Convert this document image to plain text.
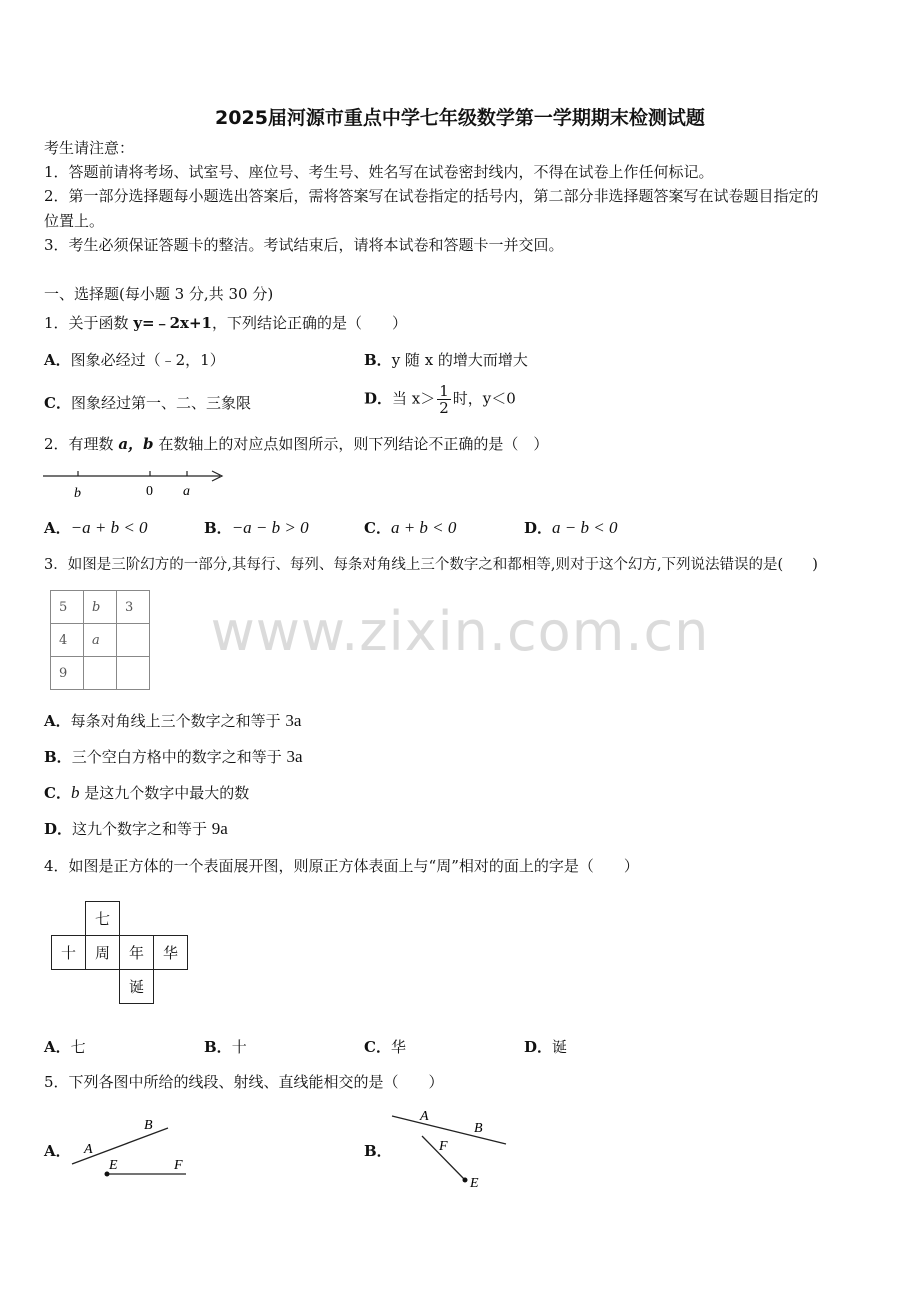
2025届河源市重点中学七年级数学第一学期期末检测试题
www.zixin.com.cn
考生请注意：
1．答题前请将考场、试室号、座位号、考生号、姓名写在试卷密封线内，不得在试卷上作任何标记。
2．第一部分选择题每小题选出答案后，需将答案写在试卷指定的括号内，第二部分非选择题答案写在试卷题目指定的
位置上。
3．考生必须保证答题卡的整洁。考试结束后，请将本试卷和答题卡一并交回。
一、选择题(每小题 3 分,共 30 分)
1．关于函数 y=﹣2x+1，下列结论正确的是（　　）
A．图象必经过（﹣2，1）	B．y 随 x 的增大而增大
C．图象经过第一、二、三象限	D．当 $x> \frac{1}{2}$ 时，y＜0
2．有理数 a，b 在数轴上的对应点如图所示，则下列结论不正确的是（　）
b	0 a
A．−a + b < 0	B．−a − b > 0	C．a + b < 0	D．a − b < 0
3．如图是三阶幻方的一部分,其每行、每列、每条对角线上三个数字之和都相等,则对于这个幻方,下列说法错误的是(　　)
5	b	3
4	a	
9		
A．每条对角线上三个数字之和等于 3a
B．三个空白方格中的数字之和等于 3a
C．b 是这九个数字中最大的数
D．这九个数字之和等于 9a
4．如图是正方体的一个表面展开图，则原正方体表面上与“周”相对的面上的字是（　　）
	七		
十	周	年	华
		诞	
A．七	B．十	C．华	D．诞
5．下列各图中所给的线段、射线、直线能相交的是（　　）
A． A
B
E	F
B．
A
B
F
E
